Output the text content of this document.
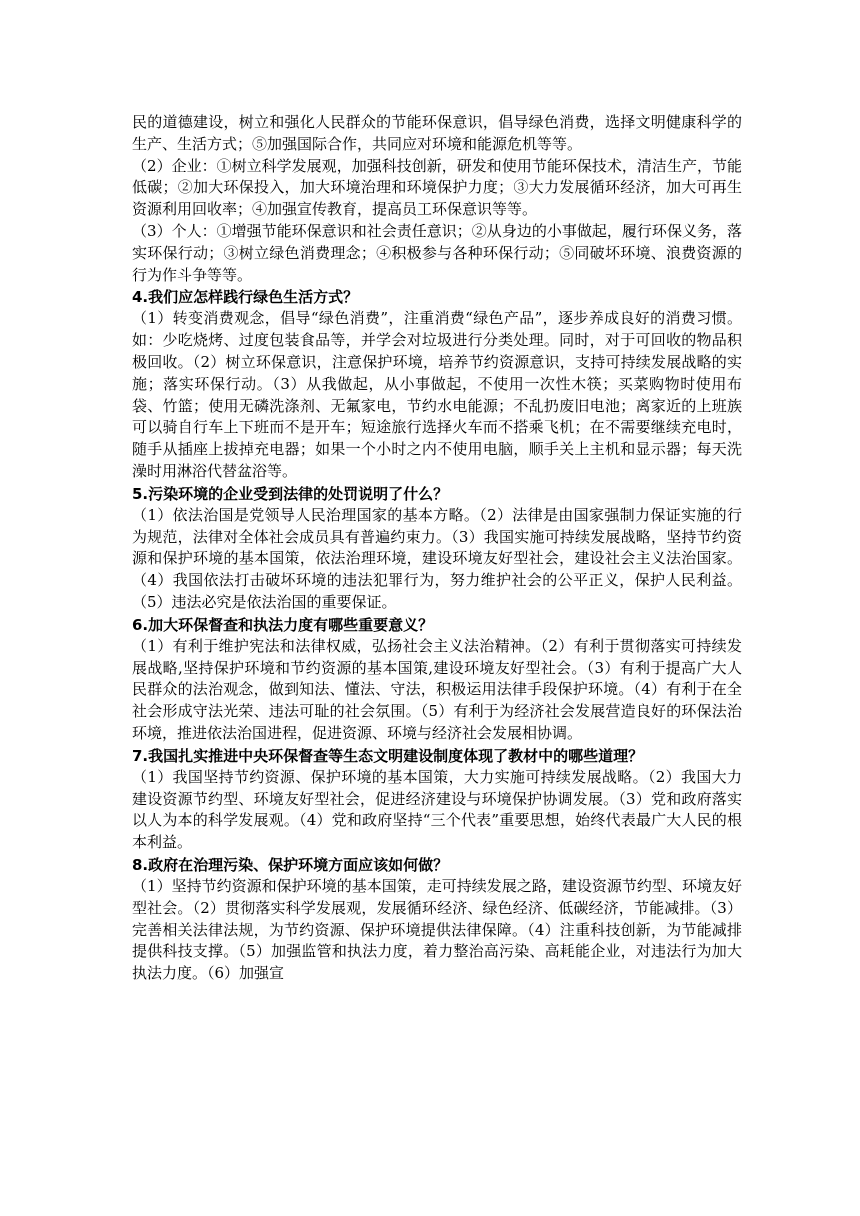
民的道德建设，树立和强化人民群众的节能环保意识，倡导绿色消费，选择文明健康科学的生产、生活方式；⑤加强国际合作，共同应对环境和能源危机等等。

（2）企业：①树立科学发展观，加强科技创新，研发和使用节能环保技术，清洁生产，节能低碳；②加大环保投入，加大环境治理和环境保护力度；③大力发展循环经济，加大可再生资源利用回收率；④加强宣传教育，提高员工环保意识等等。

（3）个人：①增强节能环保意识和社会责任意识；②从身边的小事做起，履行环保义务，落实环保行动；③树立绿色消费理念；④积极参与各种环保行动；⑤同破坏环境、浪费资源的行为作斗争等等。

4.我们应怎样践行绿色生活方式？

（1）转变消费观念，倡导“绿色消费”，注重消费“绿色产品”，逐步养成良好的消费习惯。如：少吃烧烤、过度包装食品等，并学会对垃圾进行分类处理。同时，对于可回收的物品积极回收。（2）树立环保意识，注意保护环境，培养节约资源意识，支持可持续发展战略的实施；落实环保行动。（3）从我做起，从小事做起，不使用一次性木筷；买菜购物时使用布袋、竹篮；使用无磷洗涤剂、无氟家电，节约水电能源；不乱扔废旧电池；离家近的上班族可以骑自行车上下班而不是开车；短途旅行选择火车而不搭乘飞机；在不需要继续充电时，随手从插座上拔掉充电器；如果一个小时之内不使用电脑，顺手关上主机和显示器；每天洗澡时用淋浴代替盆浴等。

5.污染环境的企业受到法律的处罚说明了什么？

（1）依法治国是党领导人民治理国家的基本方略。（2）法律是由国家强制力保证实施的行为规范，法律对全体社会成员具有普遍约束力。（3）我国实施可持续发展战略，坚持节约资源和保护环境的基本国策，依法治理环境，建设环境友好型社会，建设社会主义法治国家。（4）我国依法打击破坏环境的违法犯罪行为，努力维护社会的公平正义，保护人民利益。（5）违法必究是依法治国的重要保证。

6.加大环保督查和执法力度有哪些重要意义？

（1）有利于维护宪法和法律权威，弘扬社会主义法治精神。（2）有利于贯彻落实可持续发展战略,坚持保护环境和节约资源的基本国策,建设环境友好型社会。（3）有利于提高广大人民群众的法治观念，做到知法、懂法、守法，积极运用法律手段保护环境。（4）有利于在全社会形成守法光荣、违法可耻的社会氛围。（5）有利于为经济社会发展营造良好的环保法治环境，推进依法治国进程，促进资源、环境与经济社会发展相协调。

7.我国扎实推进中央环保督查等生态文明建设制度体现了教材中的哪些道理？

（1）我国坚持节约资源、保护环境的基本国策，大力实施可持续发展战略。（2）我国大力建设资源节约型、环境友好型社会，促进经济建设与环境保护协调发展。（3）党和政府落实以人为本的科学发展观。（4）党和政府坚持“三个代表”重要思想，始终代表最广大人民的根本利益。

8.政府在治理污染、保护环境方面应该如何做？

（1）坚持节约资源和保护环境的基本国策，走可持续发展之路，建设资源节约型、环境友好型社会。（2）贯彻落实科学发展观，发展循环经济、绿色经济、低碳经济，节能减排。（3）完善相关法律法规，为节约资源、保护环境提供法律保障。（4）注重科技创新，为节能减排提供科技支撑。（5）加强监管和执法力度，着力整治高污染、高耗能企业，对违法行为加大执法力度。（6）加强宣
